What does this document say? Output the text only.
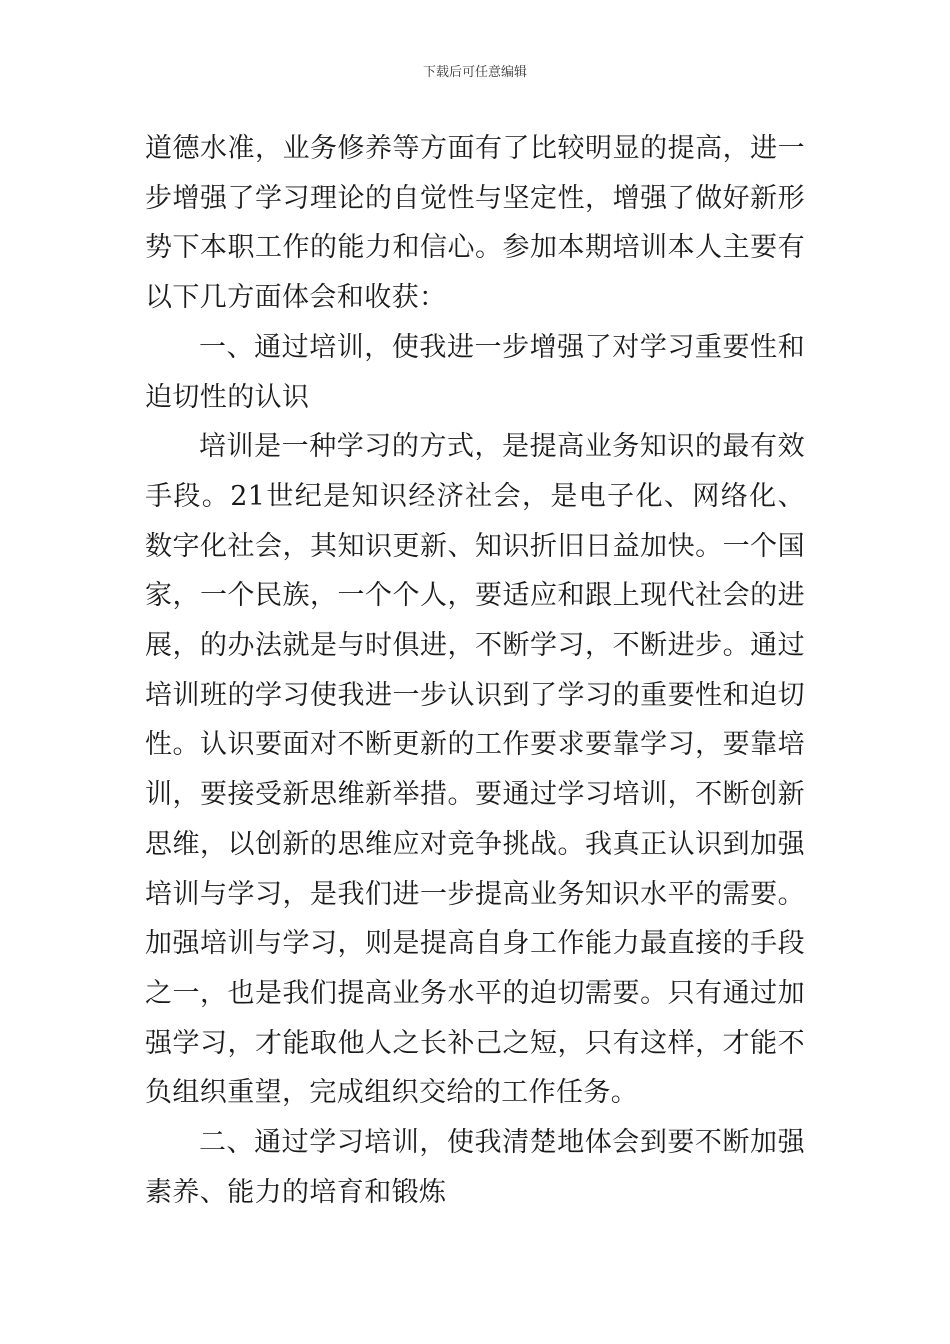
下载后可任意编辑

道德水准，业务修养等方面有了比较明显的提高，进一步增强了学习理论的自觉性与坚定性，增强了做好新形势下本职工作的能力和信心。参加本期培训本人主要有以下几方面体会和收获：

一、通过培训，使我进一步增强了对学习重要性和迫切性的认识

培训是一种学习的方式，是提高业务知识的最有效手段。21世纪是知识经济社会，是电子化、网络化、数字化社会，其知识更新、知识折旧日益加快。一个国家，一个民族，一个个人，要适应和跟上现代社会的进展，的办法就是与时俱进，不断学习，不断进步。通过培训班的学习使我进一步认识到了学习的重要性和迫切性。认识要面对不断更新的工作要求要靠学习，要靠培训，要接受新思维新举措。要通过学习培训，不断创新思维，以创新的思维应对竞争挑战。我真正认识到加强培训与学习，是我们进一步提高业务知识水平的需要。加强培训与学习，则是提高自身工作能力最直接的手段之一，也是我们提高业务水平的迫切需要。只有通过加强学习，才能取他人之长补己之短，只有这样，才能不负组织重望，完成组织交给的工作任务。

二、通过学习培训，使我清楚地体会到要不断加强素养、能力的培育和锻炼
